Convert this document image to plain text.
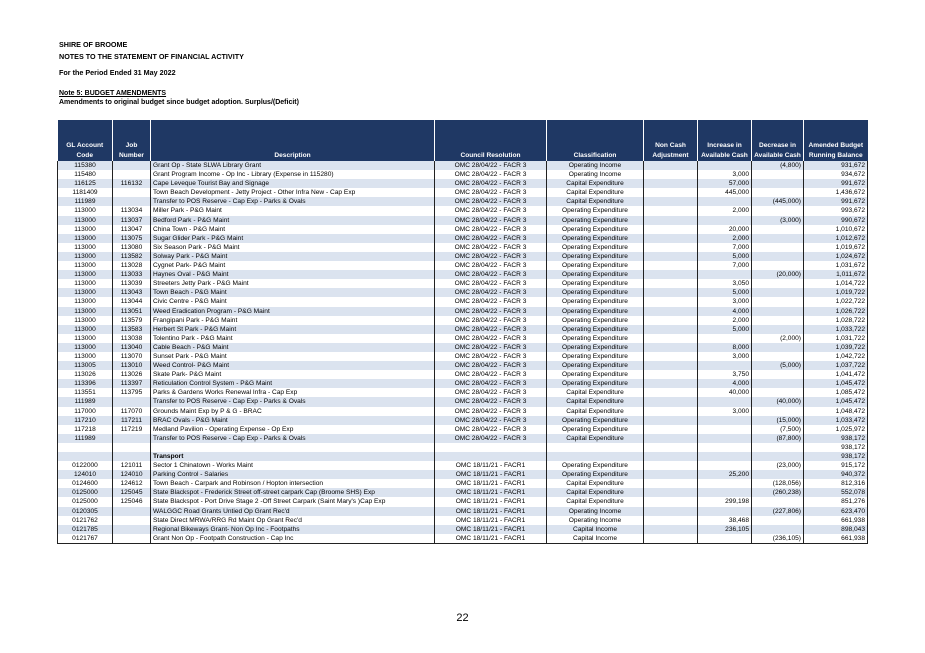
SHIRE OF BROOME
NOTES TO THE STATEMENT OF FINANCIAL ACTIVITY
For the Period Ended 31 May 2022
Note 5: BUDGET AMENDMENTS
Amendments to original budget since budget adoption. Surplus/(Deficit)
GL Account Code	Job Number	Description	Council Resolution	Classification	Non Cash Adjustment	Increase in Available Cash	Decrease in Available Cash	Amended Budget Running Balance
115380		Grant Op - State SLWA Library Grant	OMC 28/04/22 - FACR 3	Operating Income			(4,800)	931,672
115480		Grant Program Income - Op Inc - Library (Expense in 115280)	OMC 28/04/22 - FACR 3	Operating Income		3,000		934,672
116125	116132	Cape Leveque Tourist Bay and Signage	OMC 28/04/22 - FACR 3	Capital Expenditure		57,000		991,672
1181409		Town Beach Development - Jetty Project - Other Infra New - Cap Exp	OMC 28/04/22 - FACR 3	Capital Expenditure		445,000		1,436,672
111989		Transfer to POS Reserve - Cap Exp - Parks & Ovals	OMC 28/04/22 - FACR 3	Capital Expenditure			(445,000)	991,672
113000	113034	Miller Park - P&G Maint	OMC 28/04/22 - FACR 3	Operating Expenditure		2,000		993,672
113000	113037	Bedford Park - P&G Maint	OMC 28/04/22 - FACR 3	Operating Expenditure			(3,000)	990,672
113000	113047	China Town - P&G Maint	OMC 28/04/22 - FACR 3	Operating Expenditure		20,000		1,010,672
113000	113075	Sugar Glider Park - P&G Maint	OMC 28/04/22 - FACR 3	Operating Expenditure		2,000		1,012,672
113000	113080	Six Season Park - P&G Maint	OMC 28/04/22 - FACR 3	Operating Expenditure		7,000		1,019,672
113000	113582	Solway Park - P&G Maint	OMC 28/04/22 - FACR 3	Operating Expenditure		5,000		1,024,672
113000	113028	Cygnet Park- P&G Maint	OMC 28/04/22 - FACR 3	Operating Expenditure		7,000		1,031,672
113000	113033	Haynes Oval - P&G Maint	OMC 28/04/22 - FACR 3	Operating Expenditure			(20,000)	1,011,672
113000	113039	Streeters Jetty Park - P&G Maint	OMC 28/04/22 - FACR 3	Operating Expenditure		3,050		1,014,722
113000	113043	Town Beach - P&G Maint	OMC 28/04/22 - FACR 3	Operating Expenditure		5,000		1,019,722
113000	113044	Civic Centre - P&G Maint	OMC 28/04/22 - FACR 3	Operating Expenditure		3,000		1,022,722
113000	113051	Weed Eradication Program - P&G Maint	OMC 28/04/22 - FACR 3	Operating Expenditure		4,000		1,026,722
113000	113579	Frangipani Park - P&G Maint	OMC 28/04/22 - FACR 3	Operating Expenditure		2,000		1,028,722
113000	113583	Herbert St Park - P&G Maint	OMC 28/04/22 - FACR 3	Operating Expenditure		5,000		1,033,722
113000	113038	Tolentino Park - P&G Maint	OMC 28/04/22 - FACR 3	Operating Expenditure			(2,000)	1,031,722
113000	113040	Cable Beach - P&G Maint	OMC 28/04/22 - FACR 3	Operating Expenditure		8,000		1,039,722
113000	113070	Sunset Park - P&G Maint	OMC 28/04/22 - FACR 3	Operating Expenditure		3,000		1,042,722
113005	113010	Weed Control- P&G Maint	OMC 28/04/22 - FACR 3	Operating Expenditure			(5,000)	1,037,722
113026	113026	Skate Park- P&G Maint	OMC 28/04/22 - FACR 3	Operating Expenditure		3,750		1,041,472
113396	113397	Reticulation Control System - P&G Maint	OMC 28/04/22 - FACR 3	Operating Expenditure		4,000		1,045,472
113551	113795	Parks & Gardens Works Renewal Infra - Cap Exp	OMC 28/04/22 - FACR 3	Capital Expenditure		40,000		1,085,472
111989		Transfer to POS Reserve - Cap Exp - Parks & Ovals	OMC 28/04/22 - FACR 3	Capital Expenditure			(40,000)	1,045,472
117000	117070	Grounds Maint Exp by P & G - BRAC	OMC 28/04/22 - FACR 3	Capital Expenditure		3,000		1,048,472
117210	117211	BRAC Ovals - P&G Maint	OMC 28/04/22 - FACR 3	Operating Expenditure			(15,000)	1,033,472
117218	117219	Medland Pavilion - Operating Expense - Op Exp	OMC 28/04/22 - FACR 3	Operating Expenditure			(7,500)	1,025,972
111989		Transfer to POS Reserve - Cap Exp - Parks & Ovals	OMC 28/04/22 - FACR 3	Capital Expenditure			(87,800)	938,172
								938,172
		Transport						938,172
0122000	121011	Sector 1 Chinatown - Works Maint	OMC 18/11/21 - FACR1	Operating Expenditure			(23,000)	915,172
124010	124010	Parking Control - Salaries	OMC 18/11/21 - FACR1	Operating Expenditure		25,200		940,372
0124600	124612	Town Beach - Carpark and Robinson / Hopton intersection	OMC 18/11/21 - FACR1	Capital Expenditure			(128,056)	812,316
0125000	125045	State Blackspot - Frederick Street off-street carpark Cap (Broome SHS) Exp	OMC 18/11/21 - FACR1	Capital Expenditure			(260,238)	552,078
0125000	125046	State Blackspot - Port Drive Stage 2 -Off Street Carpark (Saint Mary's )Cap Exp	OMC 18/11/21 - FACR1	Capital Expenditure		299,198		851,276
0120305		WALGGC Road Grants Untied Op Grant Rec'd	OMC 18/11/21 - FACR1	Operating Income			(227,806)	623,470
0121762		State Direct MRWA/RRG Rd Maint Op Grant Rec'd	OMC 18/11/21 - FACR1	Operating Income		38,468		661,938
0121785		Regional Bikeways Grant- Non Op Inc - Footpaths	OMC 18/11/21 - FACR1	Capital Income		236,105		898,043
0121767		Grant Non Op - Footpath Construction - Cap Inc	OMC 18/11/21 - FACR1	Capital Income			(236,105)	661,938
22
